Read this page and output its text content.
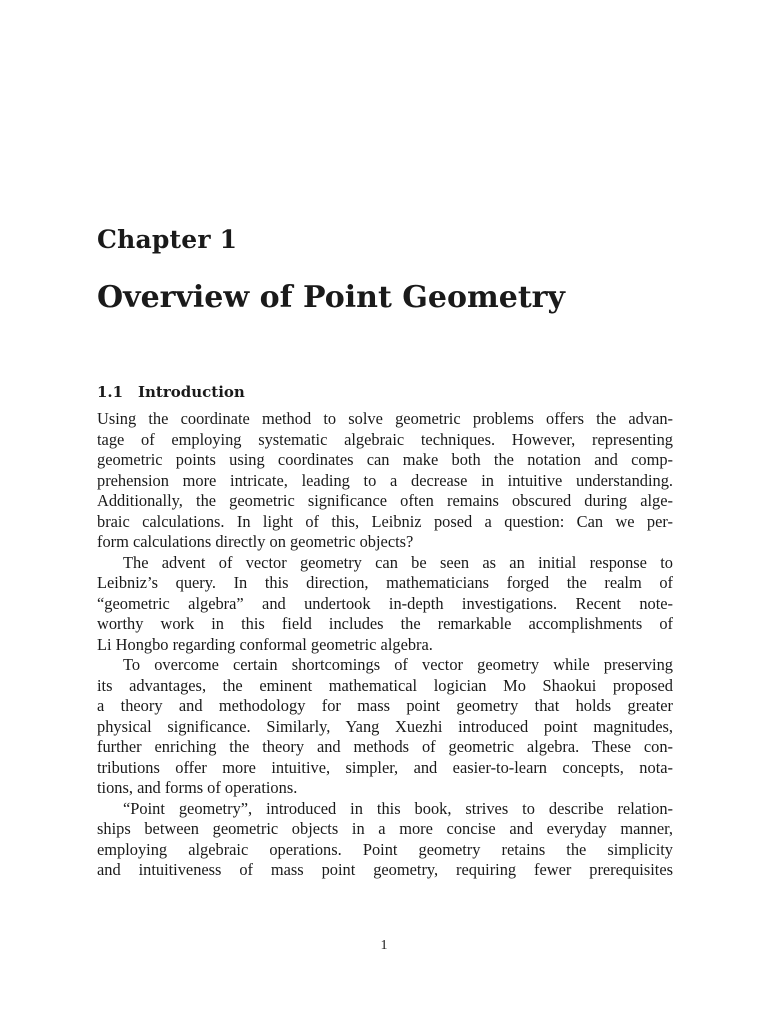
Chapter 1
Overview of Point Geometry
1.1 Introduction
Using the coordinate method to solve geometric problems offers the advan-
tage of employing systematic algebraic techniques. However, representing
geometric points using coordinates can make both the notation and comp-
prehension more intricate, leading to a decrease in intuitive understanding.
Additionally, the geometric significance often remains obscured during alge-
braic calculations. In light of this, Leibniz posed a question: Can we per-
form calculations directly on geometric objects?
The advent of vector geometry can be seen as an initial response to
Leibniz’s query. In this direction, mathematicians forged the realm of
“geometric algebra” and undertook in-depth investigations. Recent note-
worthy work in this field includes the remarkable accomplishments of
Li Hongbo regarding conformal geometric algebra.
To overcome certain shortcomings of vector geometry while preserving
its advantages, the eminent mathematical logician Mo Shaokui proposed
a theory and methodology for mass point geometry that holds greater
physical significance. Similarly, Yang Xuezhi introduced point magnitudes,
further enriching the theory and methods of geometric algebra. These con-
tributions offer more intuitive, simpler, and easier-to-learn concepts, nota-
tions, and forms of operations.
“Point geometry”, introduced in this book, strives to describe relation-
ships between geometric objects in a more concise and everyday manner,
employing algebraic operations. Point geometry retains the simplicity
and intuitiveness of mass point geometry, requiring fewer prerequisites

1
